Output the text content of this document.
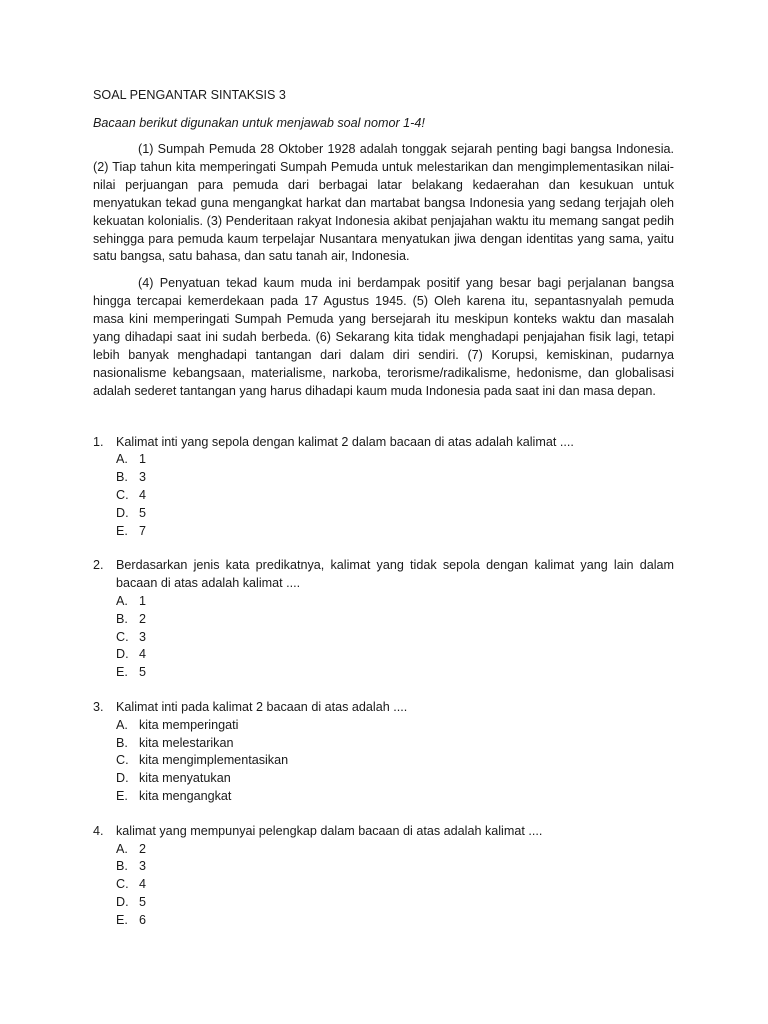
SOAL PENGANTAR SINTAKSIS 3

Bacaan berikut digunakan untuk menjawab soal nomor 1-4!

(1) Sumpah Pemuda 28 Oktober 1928 adalah tonggak sejarah penting bagi bangsa Indonesia. (2) Tiap tahun kita memperingati Sumpah Pemuda untuk melestarikan dan mengimplementasikan nilai-nilai perjuangan para pemuda dari berbagai latar belakang kedaerahan dan kesukuan untuk menyatukan tekad guna mengangkat harkat dan martabat bangsa Indonesia yang sedang terjajah oleh kekuatan kolonialis. (3) Penderitaan rakyat Indonesia akibat penjajahan waktu itu memang sangat pedih sehingga para pemuda kaum terpelajar Nusantara menyatukan jiwa dengan identitas yang sama, yaitu satu bangsa, satu bahasa, dan satu tanah air, Indonesia.

(4) Penyatuan tekad kaum muda ini berdampak positif yang besar bagi perjalanan bangsa hingga tercapai kemerdekaan pada 17 Agustus 1945. (5) Oleh karena itu, sepantasnyalah pemuda masa kini memperingati Sumpah Pemuda yang bersejarah itu meskipun konteks waktu dan masalah yang dihadapi saat ini sudah berbeda. (6) Sekarang kita tidak menghadapi penjajahan fisik lagi, tetapi lebih banyak menghadapi tantangan dari dalam diri sendiri. (7) Korupsi, kemiskinan, pudarnya nasionalisme kebangsaan, materialisme, narkoba, terorisme/radikalisme, hedonisme, dan globalisasi adalah sederet tantangan yang harus dihadapi kaum muda Indonesia pada saat ini dan masa depan.

1. Kalimat inti yang sepola dengan kalimat 2 dalam bacaan di atas adalah kalimat ....

A. 1
B. 3
C. 4
D. 5
E. 7
2. Berdasarkan jenis kata predikatnya, kalimat yang tidak sepola dengan kalimat yang lain dalam bacaan di atas adalah kalimat ....

A. 1
B. 2
C. 3
D. 4
E. 5
3. Kalimat inti pada kalimat 2 bacaan di atas adalah ....

A. kita memperingati
B. kita melestarikan
C. kita mengimplementasikan
D. kita menyatukan
E. kita mengangkat
4. kalimat yang mempunyai pelengkap dalam bacaan di atas adalah kalimat ....

A. 2
B. 3
C. 4
D. 5
E. 6
